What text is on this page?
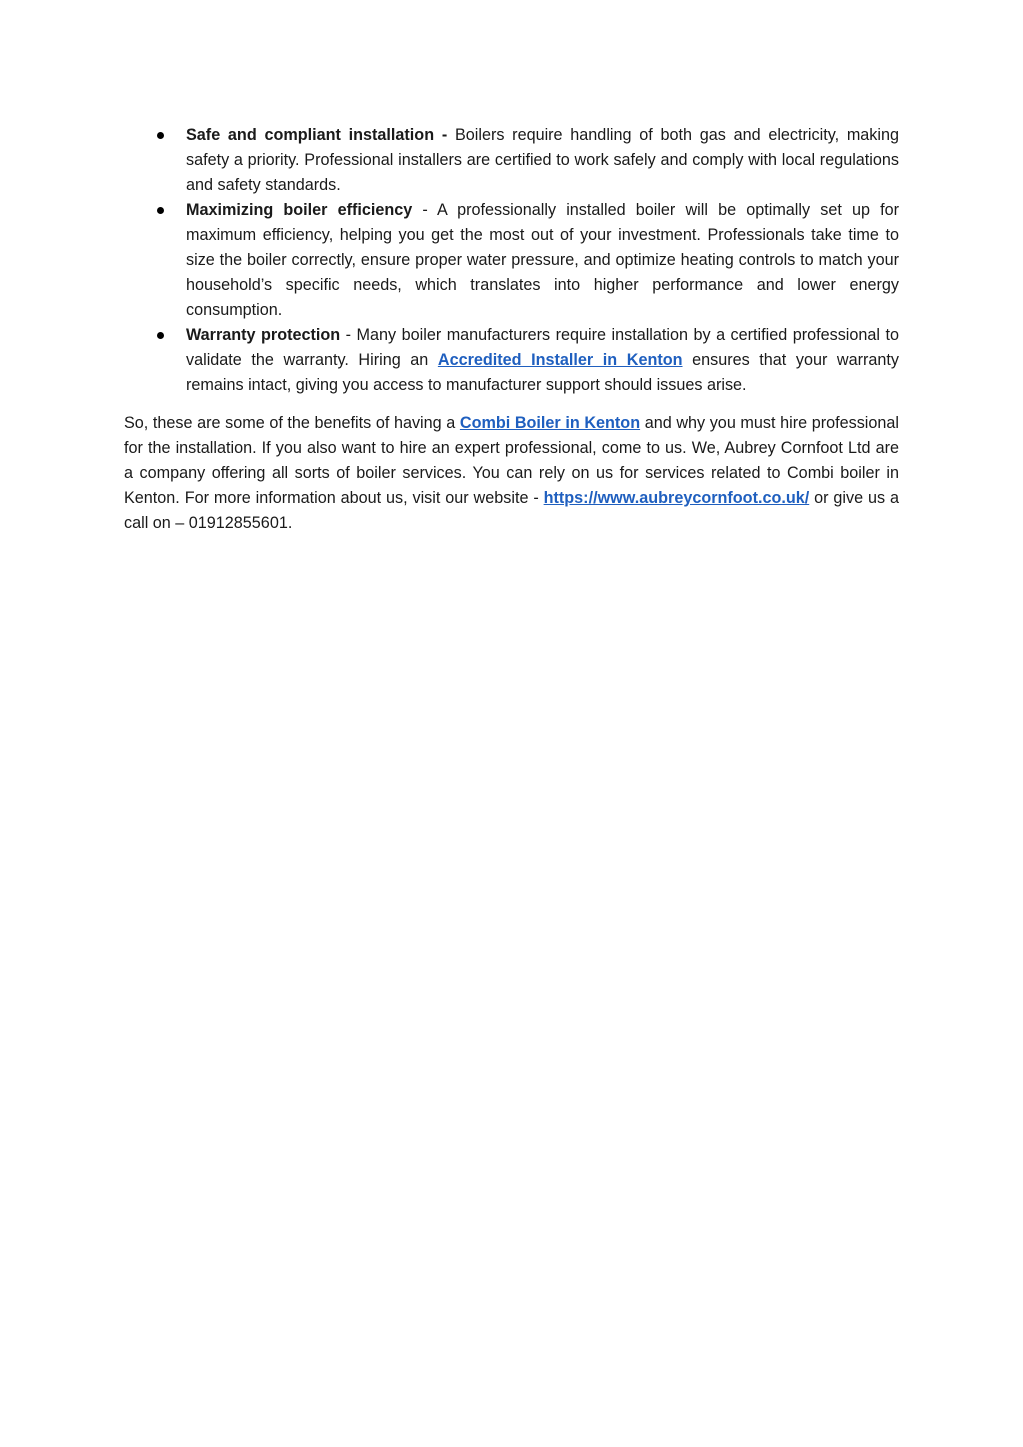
Safe and compliant installation - Boilers require handling of both gas and electricity, making safety a priority. Professional installers are certified to work safely and comply with local regulations and safety standards.
Maximizing boiler efficiency - A professionally installed boiler will be optimally set up for maximum efficiency, helping you get the most out of your investment. Professionals take time to size the boiler correctly, ensure proper water pressure, and optimize heating controls to match your household’s specific needs, which translates into higher performance and lower energy consumption.
Warranty protection - Many boiler manufacturers require installation by a certified professional to validate the warranty. Hiring an Accredited Installer in Kenton ensures that your warranty remains intact, giving you access to manufacturer support should issues arise.

So, these are some of the benefits of having a Combi Boiler in Kenton and why you must hire professional for the installation. If you also want to hire an expert professional, come to us. We, Aubrey Cornfoot Ltd are a company offering all sorts of boiler services. You can rely on us for services related to Combi boiler in Kenton. For more information about us, visit our website - https://www.aubreycornfoot.co.uk/ or give us a call on – 01912855601.
